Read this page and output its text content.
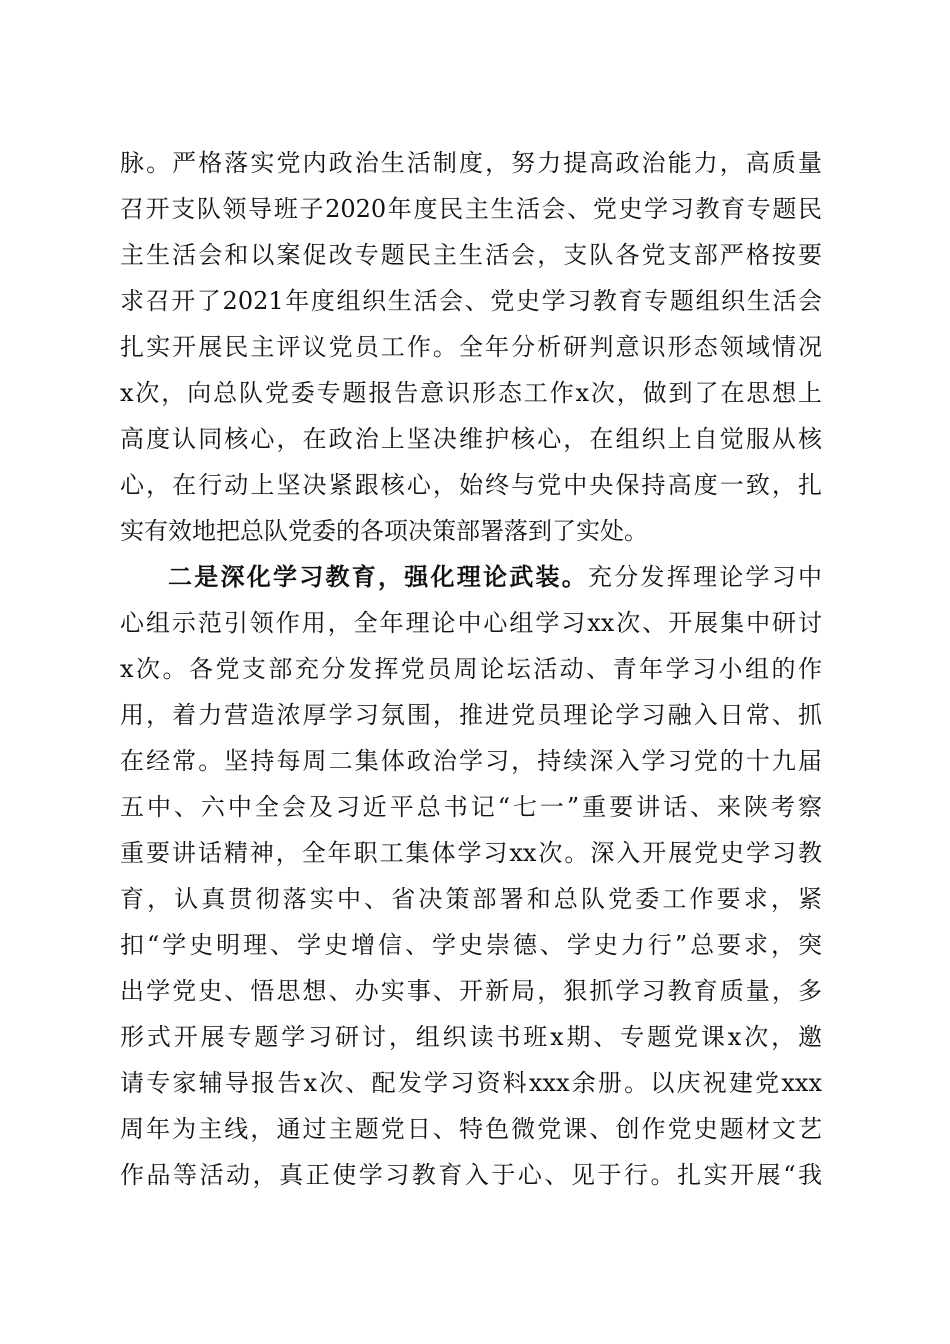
脉。严格落实党内政治生活制度，努力提高政治能力，高质量
召开支队领导班子2020年度民主生活会、党史学习教育专题民
主生活会和以案促改专题民主生活会，支队各党支部严格按要
求召开了2021年度组织生活会、党史学习教育专题组织生活会
扎实开展民主评议党员工作。全年分析研判意识形态领域情况
x次，向总队党委专题报告意识形态工作x次，做到了在思想上
高度认同核心，在政治上坚决维护核心，在组织上自觉服从核
心，在行动上坚决紧跟核心，始终与党中央保持高度一致，扎
实有效地把总队党委的各项决策部署落到了实处。
二是深化学习教育，强化理论武装。充分发挥理论学习中
心组示范引领作用，全年理论中心组学习xx次、开展集中研讨
x次。各党支部充分发挥党员周论坛活动、青年学习小组的作
用，着力营造浓厚学习氛围，推进党员理论学习融入日常、抓
在经常。坚持每周二集体政治学习，持续深入学习党的十九届
五中、六中全会及习近平总书记“七一”重要讲话、来陕考察
重要讲话精神，全年职工集体学习xx次。深入开展党史学习教
育，认真贯彻落实中、省决策部署和总队党委工作要求，紧
扣“学史明理、学史增信、学史崇德、学史力行”总要求，突
出学党史、悟思想、办实事、开新局，狠抓学习教育质量，多
形式开展专题学习研讨，组织读书班x期、专题党课x次，邀
请专家辅导报告x次、配发学习资料xxx余册。以庆祝建党xxx
周年为主线，通过主题党日、特色微党课、创作党史题材文艺
作品等活动，真正使学习教育入于心、见于行。扎实开展“我
